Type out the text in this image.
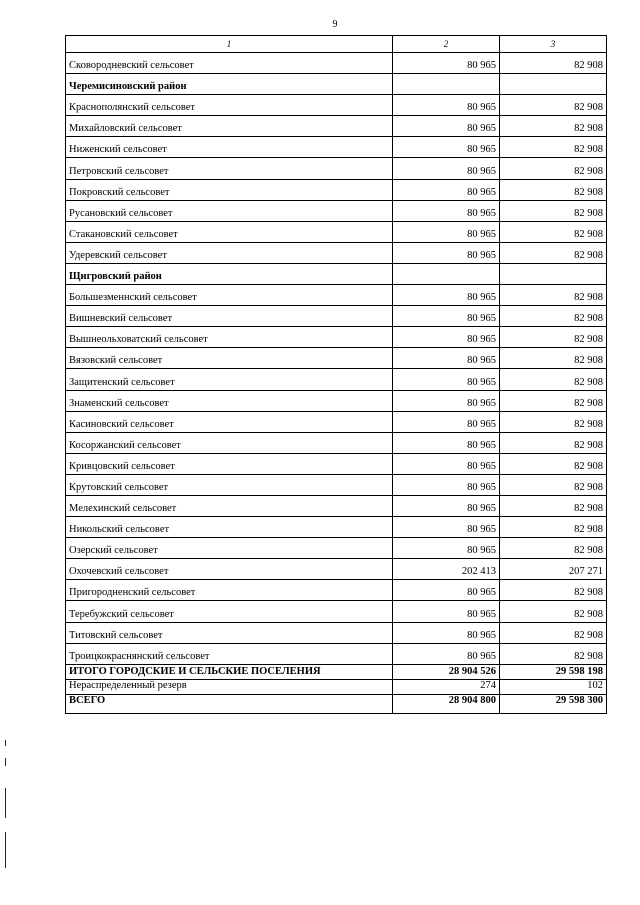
9
1	2	3
Сковородневский сельсовет	80 965	82 908
Черемисиновский район		
Краснополянский сельсовет	80 965	82 908
Михайловский сельсовет	80 965	82 908
Ниженский сельсовет	80 965	82 908
Петровский сельсовет	80 965	82 908
Покровский сельсовет	80 965	82 908
Русановский сельсовет	80 965	82 908
Стакановский сельсовет	80 965	82 908
Удеревский сельсовет	80 965	82 908
Щигровский район		
Большезменнский сельсовет	80 965	82 908
Вишневский сельсовет	80 965	82 908
Вышнеольховатский сельсовет	80 965	82 908
Вязовский сельсовет	80 965	82 908
Защитенский сельсовет	80 965	82 908
Знаменский сельсовет	80 965	82 908
Касиновский сельсовет	80 965	82 908
Косоржанский сельсовет	80 965	82 908
Кривцовский сельсовет	80 965	82 908
Крутовский сельсовет	80 965	82 908
Мелехинский сельсовет	80 965	82 908
Никольский сельсовет	80 965	82 908
Озерский сельсовет	80 965	82 908
Охочевский сельсовет	202 413	207 271
Пригородненский сельсовет	80 965	82 908
Теребужский сельсовет	80 965	82 908
Титовский сельсовет	80 965	82 908
Троицкокраснянский сельсовет	80 965	82 908
ИТОГО ГОРОДСКИЕ И СЕЛЬСКИЕ ПОСЕЛЕНИЯ	28 904 526	29 598 198
Нераспределенный резерв	274	102
ВСЕГО	28 904 800	29 598 300
